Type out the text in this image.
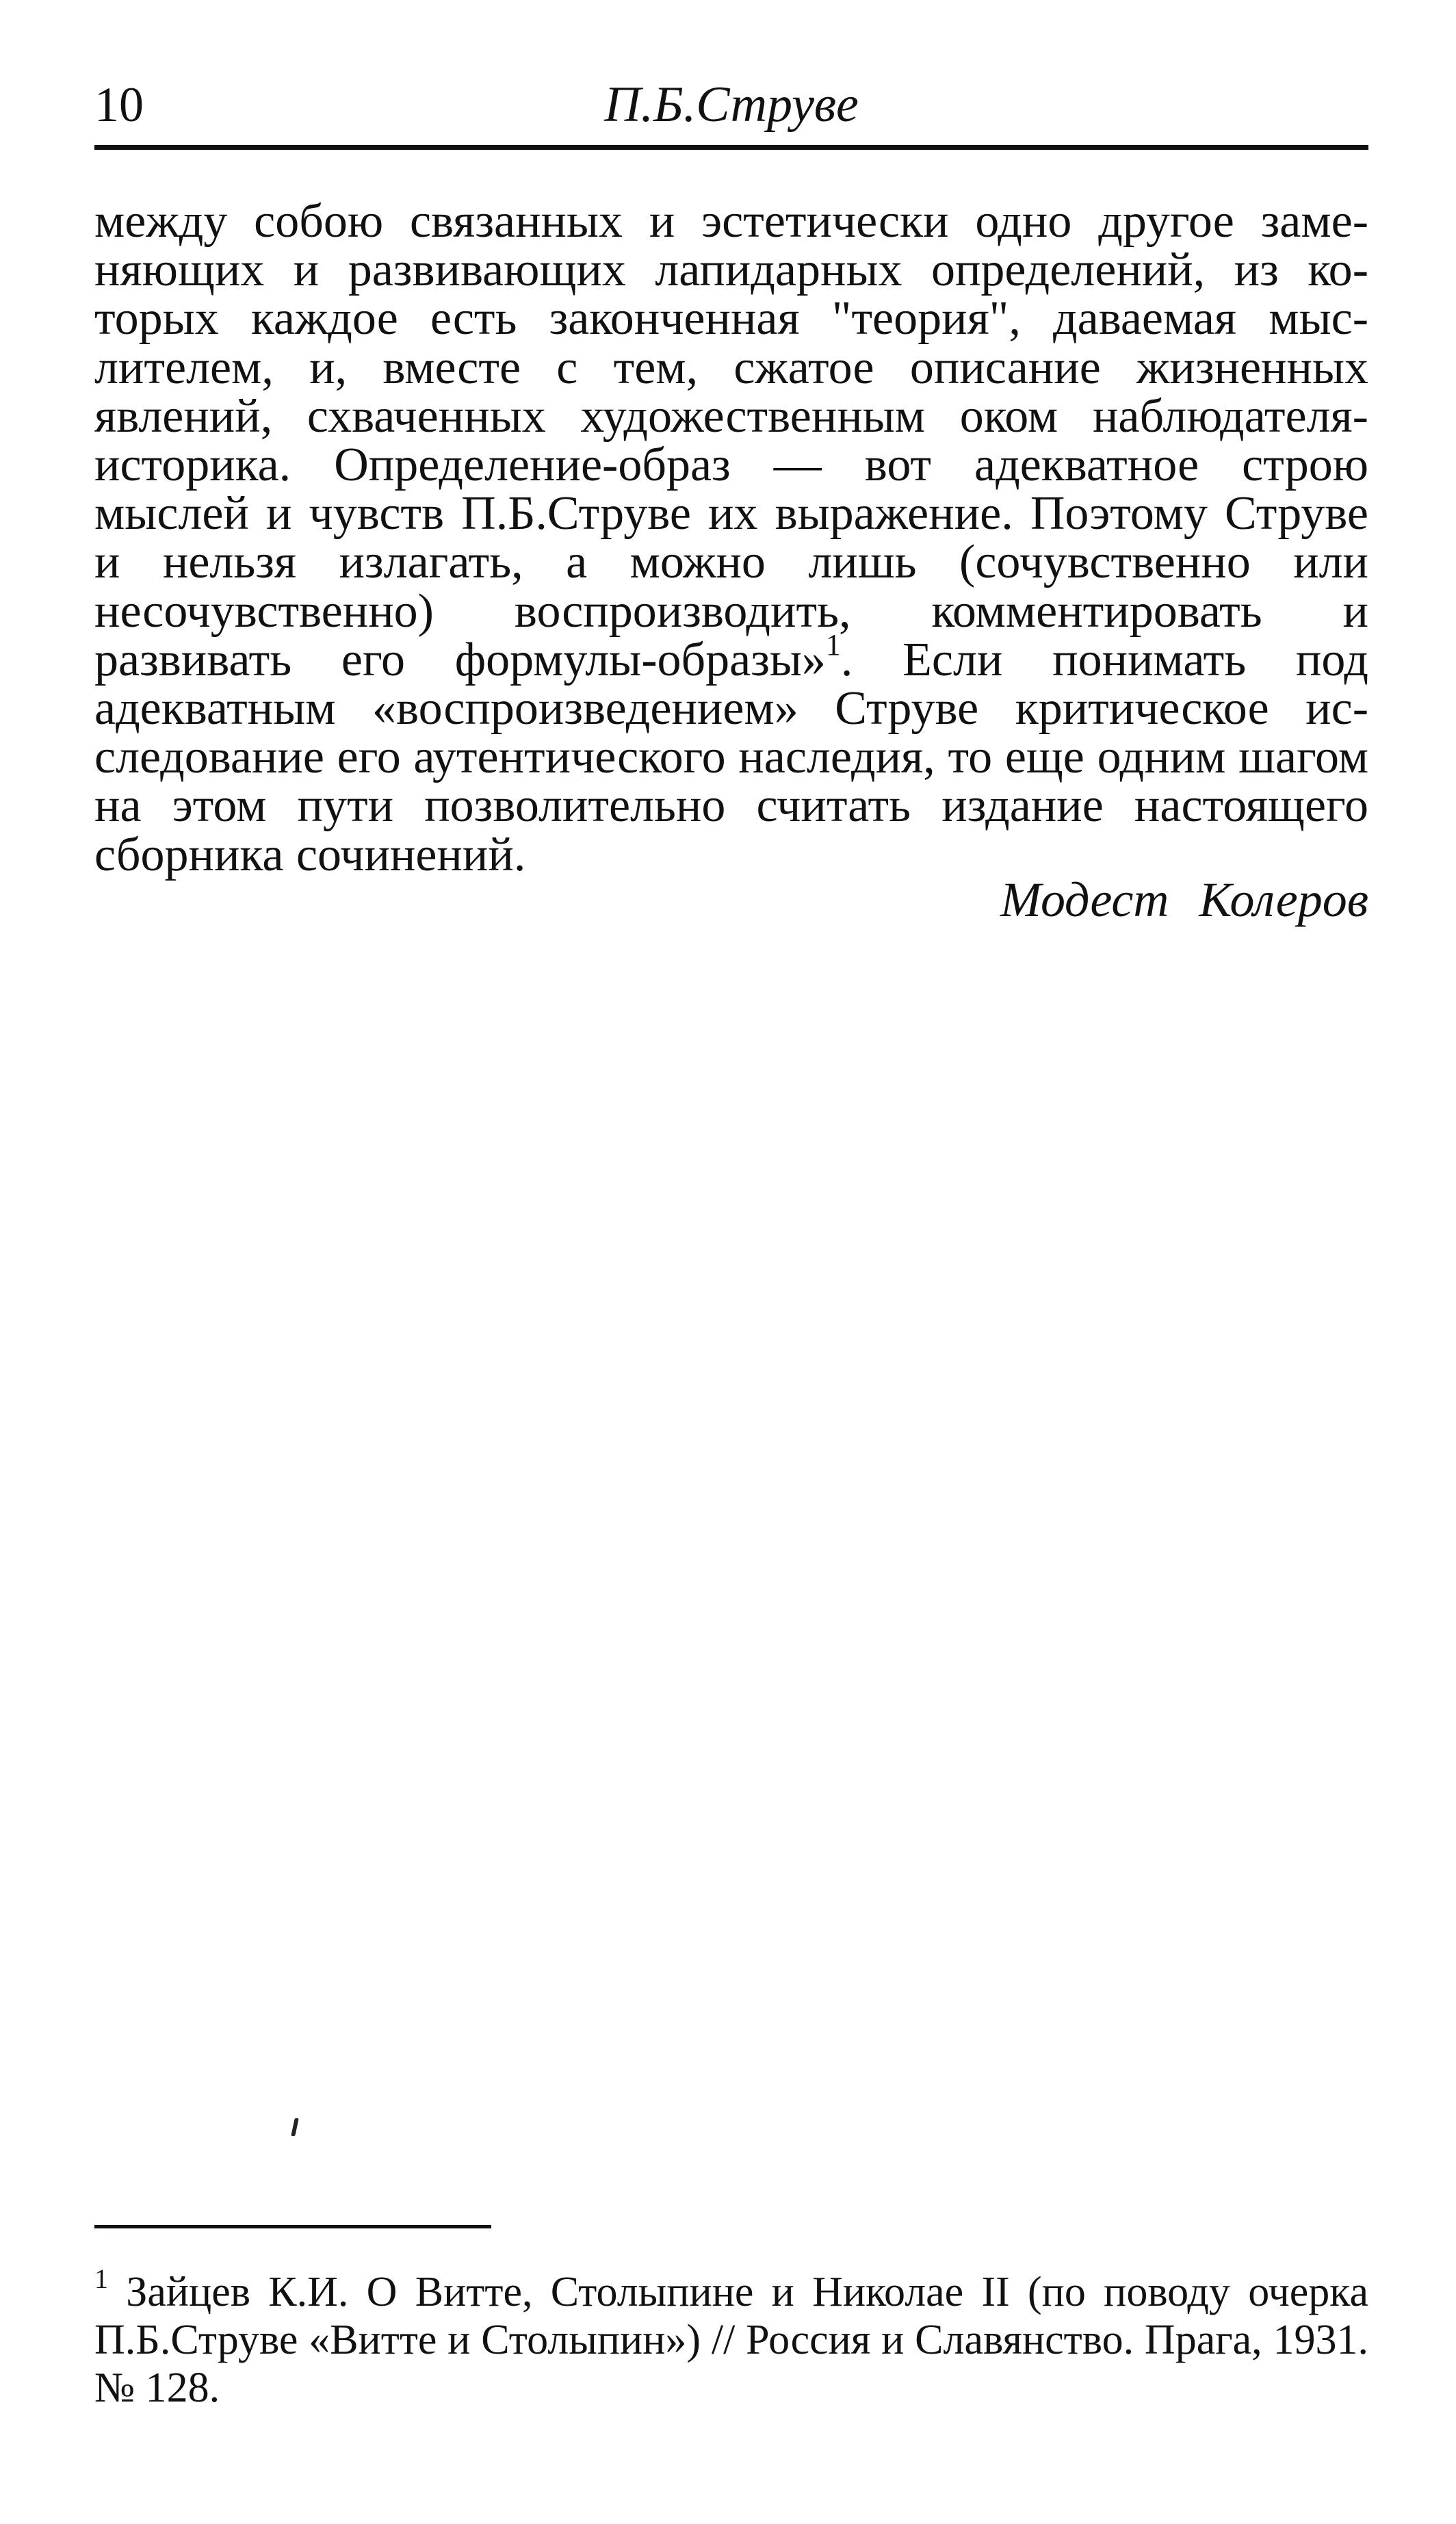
10	П.Б.Струве

между собою связанных и эстетически одно другое заменяющих и развивающих лапидарных определений, из которых каждое есть законченная "теория", даваемая мыслителем, и, вместе с тем, сжатое описание жизненных явлений, схваченных художественным оком наблюдателя-историка. Определение-образ — вот адекватное строю мыслей и чувств П.Б.Струве их выражение. Поэтому Струве и нельзя излагать, а можно лишь (сочувственно или несочувственно) воспроизводить, комментировать и развивать его формулы-образы»$^1$. Если понимать под адекватным «воспроизведением» Струве критическое исследование его аутентического наследия, то еще одним шагом на этом пути позволительно считать издание настоящего сборника сочинений.

Модест Колеров

$^1$ Зайцев К.И. О Витте, Столыпине и Николае II (по поводу очерка П.Б.Струве «Витте и Столыпин») // Россия и Славянство. Прага, 1931. № 128.
